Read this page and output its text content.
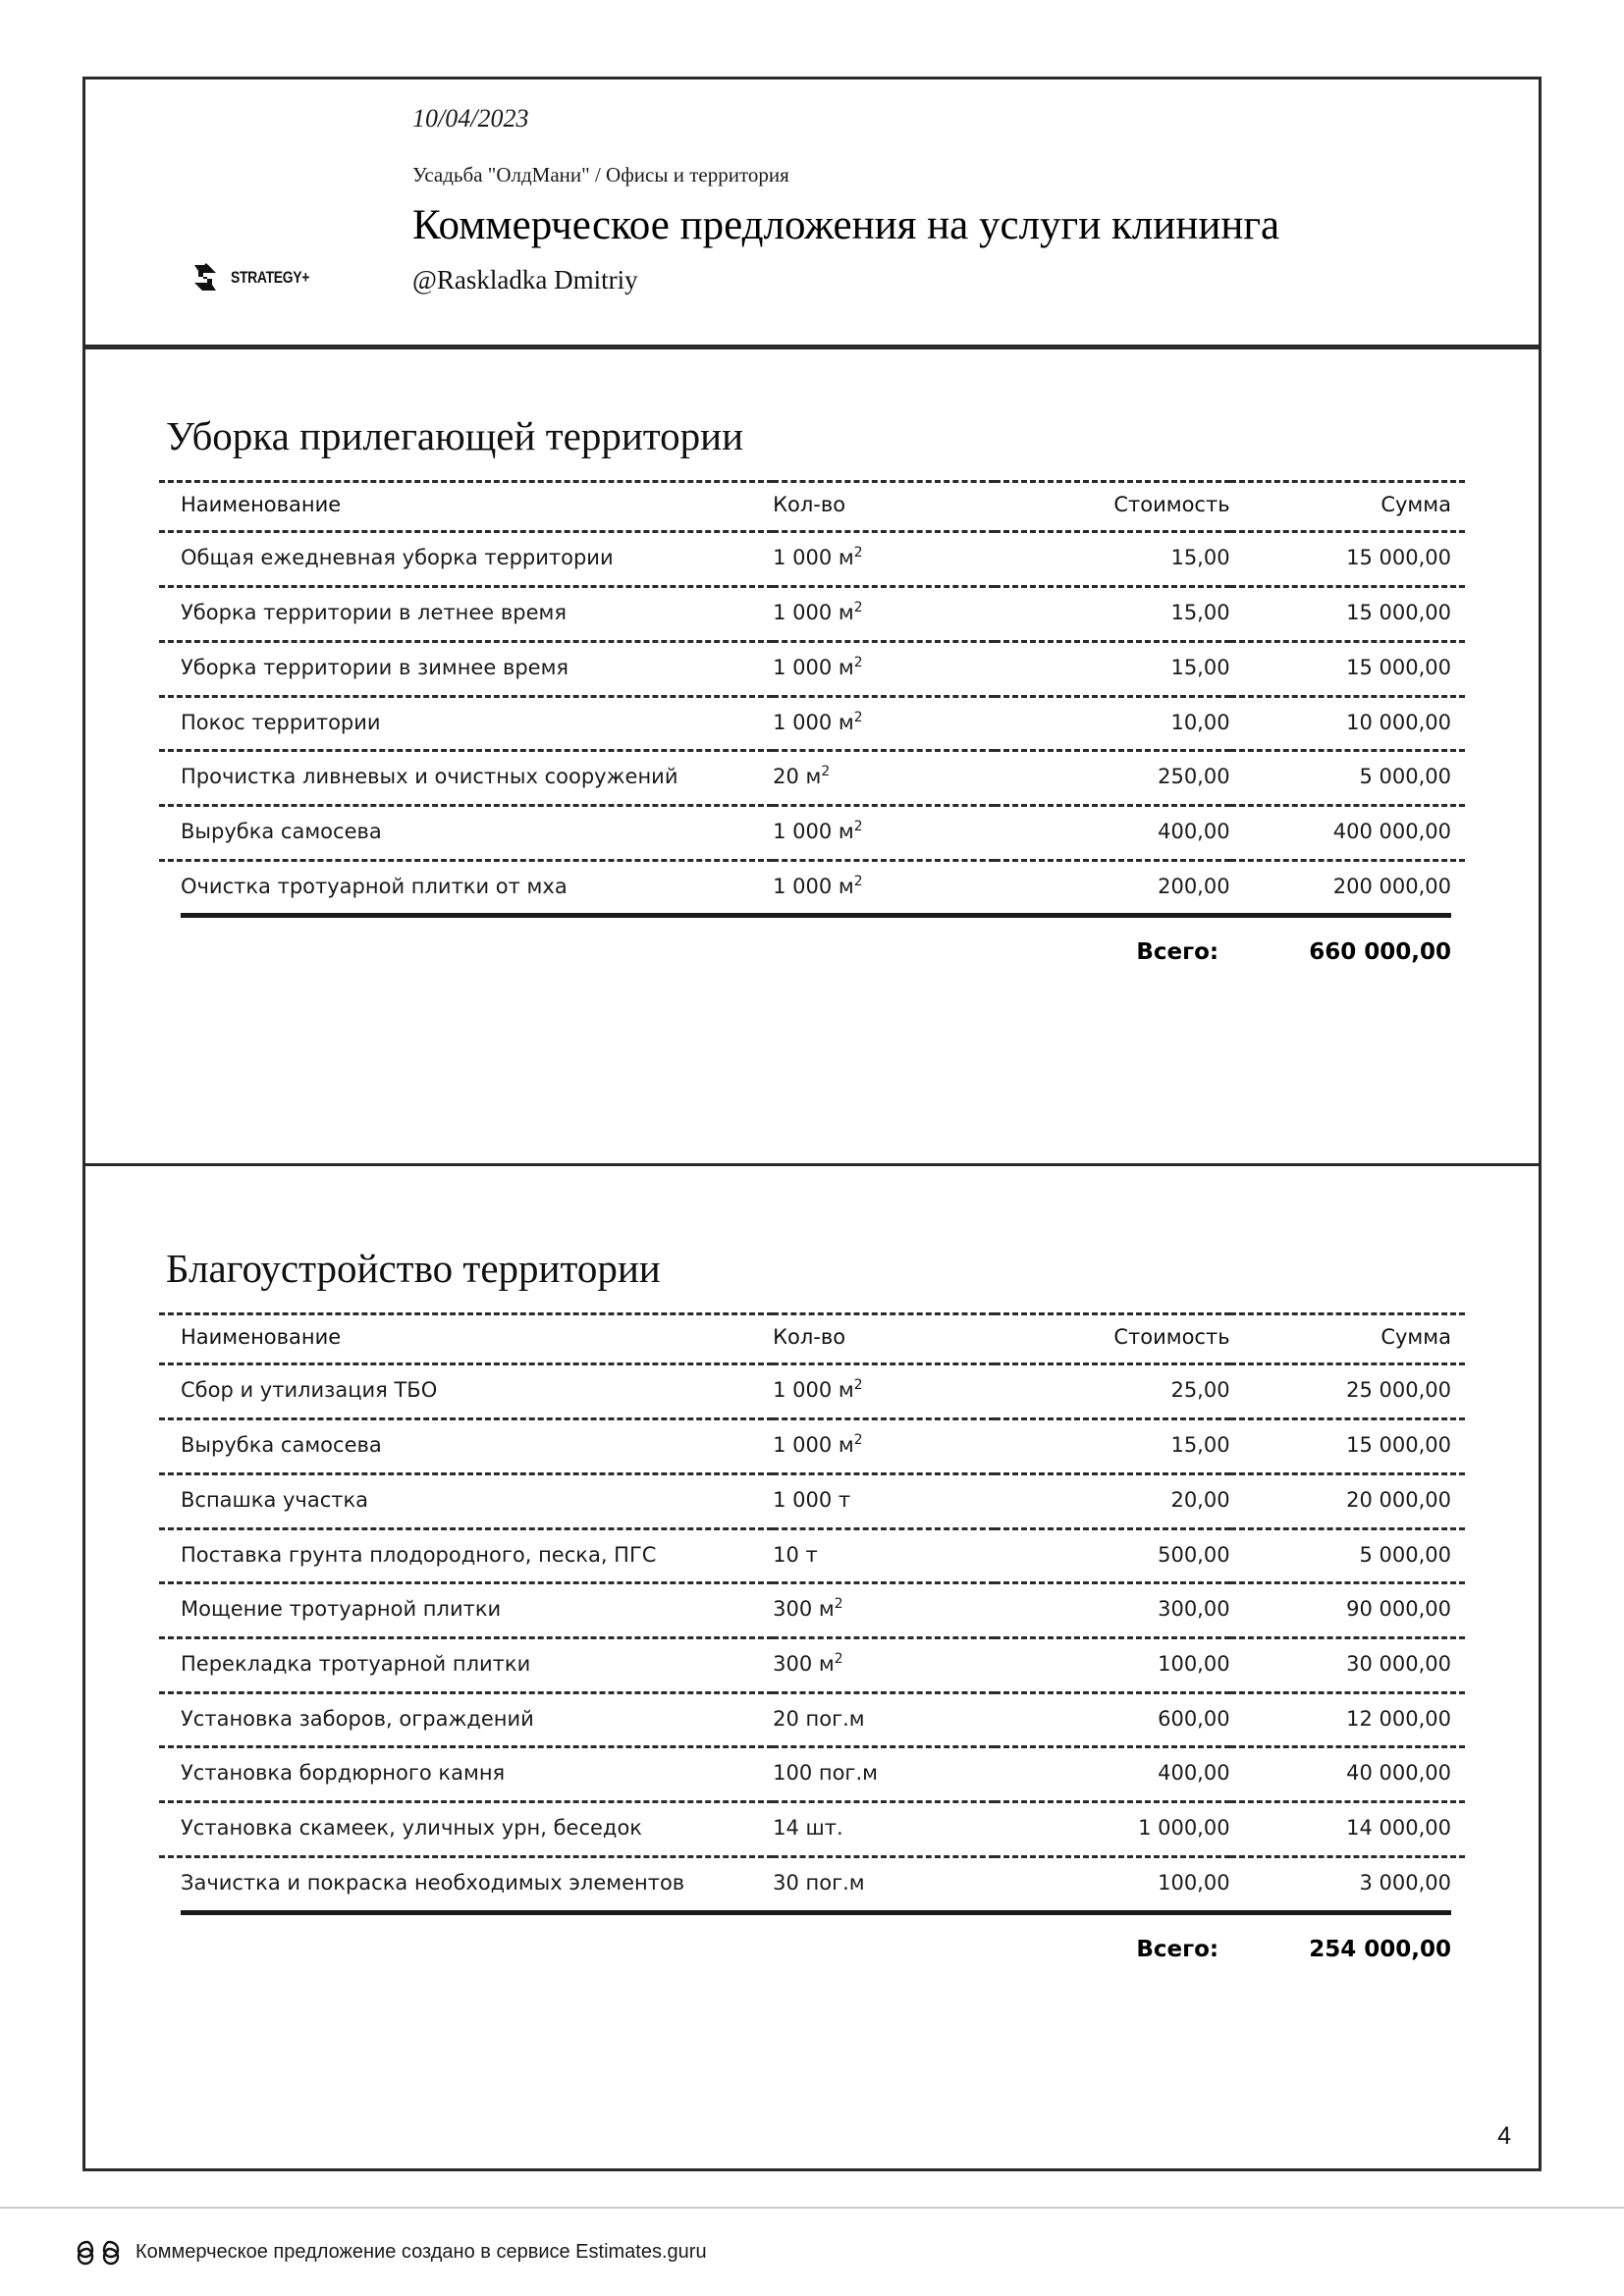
STRATEGY+
10/04/2023
Усадьба "ОлдМани" / Офисы и территория
Коммерческое предложения на услуги клининга
@Raskladka Dmitriy
Уборка прилегающей территории
Наименование	Кол-во	Стоимость	Сумма
Общая ежедневная уборка территории	1 000 $м^2$	15,00	15 000,00
Уборка территории в летнее время	1 000 $м^2$	15,00	15 000,00
Уборка территории в зимнее время	1 000 $м^2$	15,00	15 000,00
Покос территории	1 000 $м^2$	10,00	10 000,00
Прочистка ливневых и очистных сооружений	20 $м^2$	250,00	5 000,00
Вырубка самосева	1 000 $м^2$	400,00	400 000,00
Очистка тротуарной плитки от мха	1 000 $м^2$	200,00	200 000,00
Всего:	660 000,00
Благоустройство территории
Наименование	Кол-во	Стоимость	Сумма
Сбор и утилизация ТБО	1 000 $м^2$	25,00	25 000,00
Вырубка самосева	1 000 $м^2$	15,00	15 000,00
Вспашка участка	1 000 т	20,00	20 000,00
Поставка грунта плодородного, песка, ПГС	10 т	500,00	5 000,00
Мощение тротуарной плитки	300 $м^2$	300,00	90 000,00
Перекладка тротуарной плитки	300 $м^2$	100,00	30 000,00
Установка заборов, ограждений	20 пог.м	600,00	12 000,00
Установка бордюрного камня	100 пог.м	400,00	40 000,00
Установка скамеек, уличных урн, беседок	14 шт.	1 000,00	14 000,00
Зачистка и покраска необходимых элементов	30 пог.м	100,00	3 000,00
Всего:	254 000,00
4
Коммерческое предложение создано в сервисе Estimates.guru
